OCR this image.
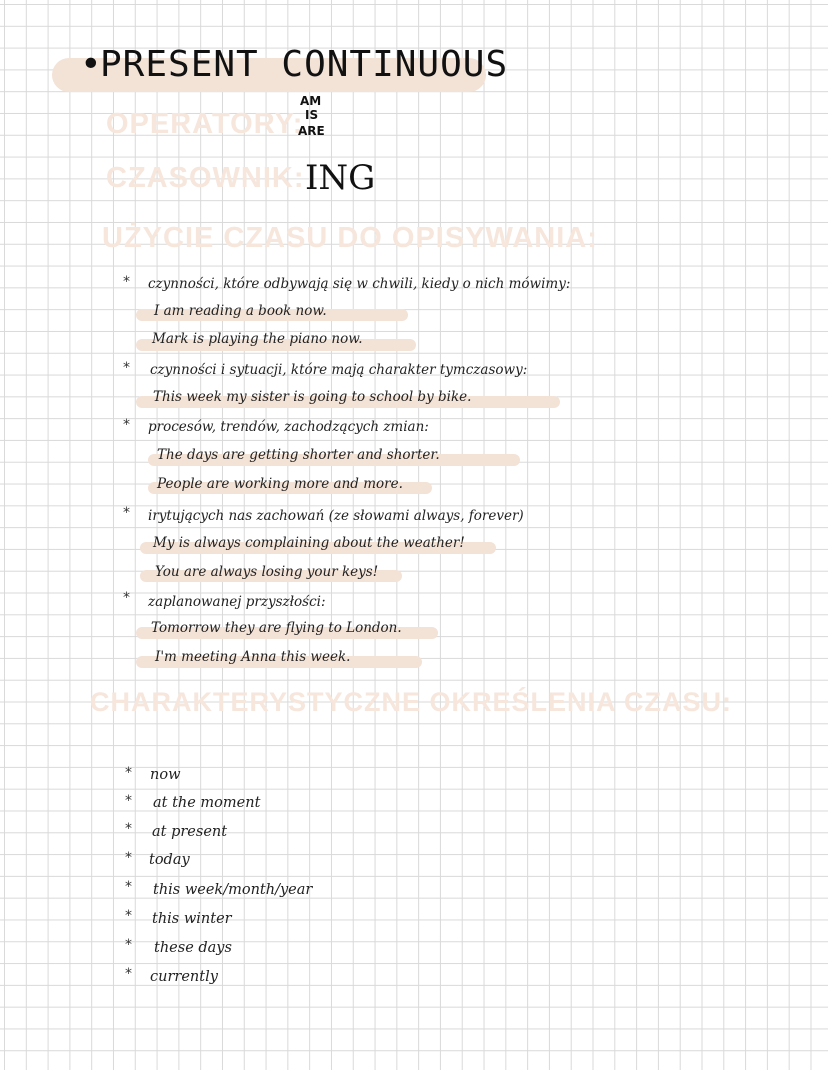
•
PRESENT CONTINUOUS
OPERATORY:
AM
IS
ARE
CZASOWNIK: ING
UŻYCIE CZASU DO OPISYWANIA:
* czynności, które odbywają się w chwili, kiedy o nich mówimy:
I am reading a book now.
Mark is playing the piano now.
* czynności i sytuacji, które mają charakter tymczasowy:
This week my sister is going to school by bike.
* procesów, trendów, zachodzących zmian:
The days are getting shorter and shorter.
People are working more and more.
* irytujących nas zachowań (ze słowami always, forever)
My is always complaining about the weather!
You are always losing your keys!
* zaplanowanej przyszłości:
Tomorrow they are flying to London.
I'm meeting Anna this week.
CHARAKTERYSTYCZNE OKREŚLENIA CZASU:
* now
* at the moment
* at present
* today
* this week/month/year
* this winter
* these days
* currently
